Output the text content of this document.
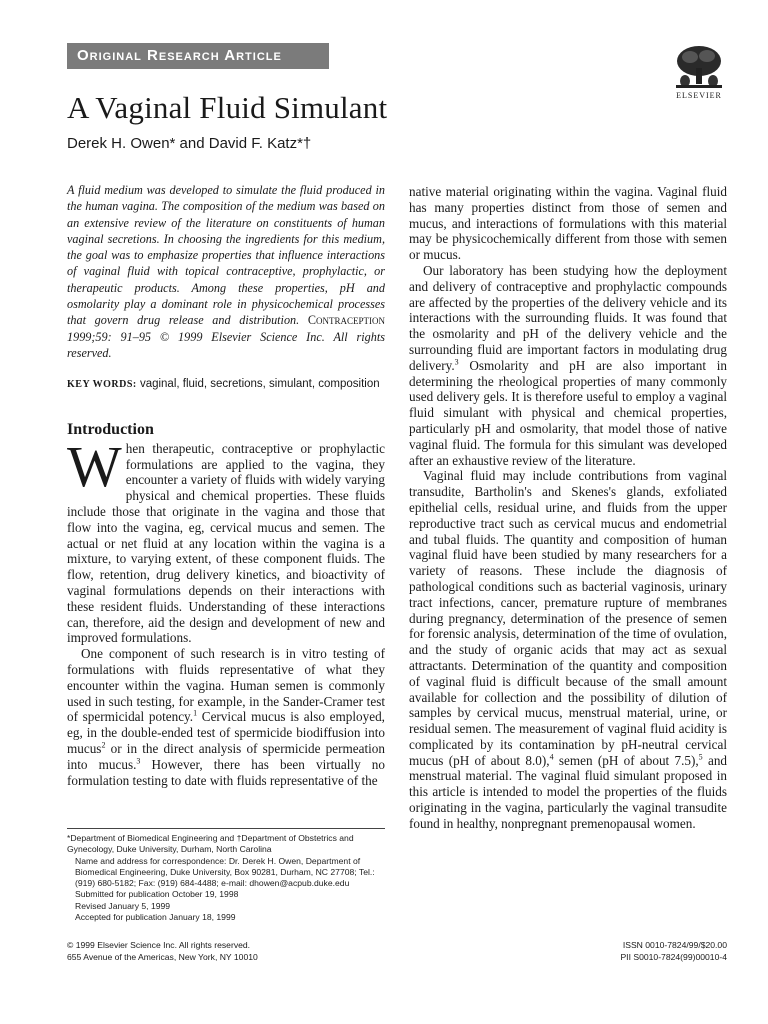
Original Research Article
ELSEVIER
A Vaginal Fluid Simulant
Derek H. Owen* and David F. Katz*†

A fluid medium was developed to simulate the fluid produced in the human vagina. The composition of the medium was based on an extensive review of the literature on constituents of human vaginal secretions. In choosing the ingredients for this medium, the goal was to emphasize properties that influence interactions of vaginal fluid with topical contraceptive, prophylactic, or therapeutic products. Among these properties, pH and osmolarity play a dominant role in physicochemical processes that govern drug release and distribution. Contraception 1999;59: 91–95 © 1999 Elsevier Science Inc. All rights reserved.

KEY WORDS: vaginal, fluid, secretions, simulant, composition
Introduction

When therapeutic, contraceptive or prophylactic formulations are applied to the vagina, they encounter a variety of fluids with widely varying physical and chemical properties. These fluids include those that originate in the vagina and those that flow into the vagina, eg, cervical mucus and semen. The actual or net fluid at any location within the vagina is a mixture, to varying extent, of these component fluids. The flow, retention, drug delivery kinetics, and bioactivity of vaginal formulations depends on their interactions with these resident fluids. Understanding of these interactions can, therefore, aid the design and development of new and improved formulations.

One component of such research is in vitro testing of formulations with fluids representative of what they encounter within the vagina. Human semen is commonly used in such testing, for example, in the Sander-Cramer test of spermicidal potency.$^1$ Cervical mucus is also employed, eg, in the double-ended test of spermicide biodiffusion into mucus$^2$ or in the direct analysis of spermicide permeation into mucus.$^3$ However, there has been virtually no formulation testing to date with fluids representative of the

native material originating within the vagina. Vaginal fluid has many properties distinct from those of semen and mucus, and interactions of formulations with this material may be physicochemically different from those with semen or mucus.

Our laboratory has been studying how the deployment and delivery of contraceptive and prophylactic compounds are affected by the properties of the delivery vehicle and its interactions with the surrounding fluids. It was found that the osmolarity and pH of the delivery vehicle and the surrounding fluid are important factors in modulating drug delivery.$^3$ Osmolarity and pH are also important in determining the rheological properties of many commonly used delivery gels. It is therefore useful to employ a vaginal fluid simulant with physical and chemical properties, particularly pH and osmolarity, that model those of native vaginal fluid. The formula for this simulant was developed after an exhaustive review of the literature.

Vaginal fluid may include contributions from vaginal transudite, Bartholin's and Skenes's glands, exfoliated epithelial cells, residual urine, and fluids from the upper reproductive tract such as cervical mucus and endometrial and tubal fluids. The quantity and composition of human vaginal fluid have been studied by many researchers for a variety of reasons. These include the diagnosis of pathological conditions such as bacterial vaginosis, urinary tract infections, cancer, premature rupture of membranes during pregnancy, determination of the presence of semen for forensic analysis, determination of the time of ovulation, and the study of organic acids that may act as sexual attractants. Determination of the quantity and composition of vaginal fluid is difficult because of the small amount available for collection and the possibility of dilution of samples by cervical mucus, menstrual material, urine, or residual semen. The measurement of vaginal fluid acidity is complicated by its contamination by pH-neutral cervical mucus (pH of about 8.0),$^4$ semen (pH of about 7.5),$^5$ and menstrual material. The vaginal fluid simulant proposed in this article is intended to model the properties of the fluids originating in the vagina, particularly the vaginal transudite found in healthy, nonpregnant premenopausal women.

*Department of Biomedical Engineering and †Department of Obstetrics and Gynecology, Duke University, Durham, North Carolina
Name and address for correspondence: Dr. Derek H. Owen, Department of Biomedical Engineering, Duke University, Box 90281, Durham, NC 27708; Tel.: (919) 680-5182; Fax: (919) 684-4488; e-mail: dhowen@acpub.duke.edu
Submitted for publication October 19, 1998
Revised January 5, 1999
Accepted for publication January 18, 1999
© 1999 Elsevier Science Inc. All rights reserved.
655 Avenue of the Americas, New York, NY 10010
ISSN 0010-7824/99/$20.00
PII S0010-7824(99)00010-4
